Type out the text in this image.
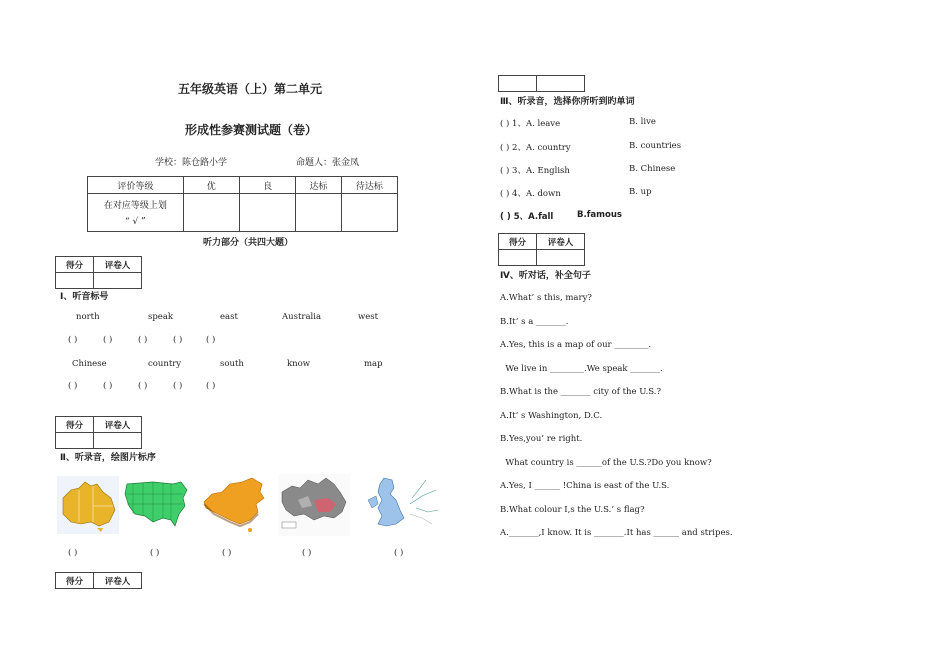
五年级英语（上）第二单元
形成性参赛测试题（卷）
学校：陈仓路小学	命题人：张金凤
评价等级	优	良	达标	待达标

在对应等级上划
“ √ ”				

听力部分（共四大题）
得分	评卷人

Ⅰ、听音标号
north	speak	east	Australia	west
( )	( )	( )	( )	( )
Chinese	country	south	know	map
( )	( )	( )	( )	( )
得分	评卷人

Ⅱ、听录音，绘图片标序
( )	( )	( )	( )	( )
得分	评卷人

Ⅲ、听录音，选择你所听到旳单词
( ) 1、A. leave	B. live
( ) 2、A. country	B. countries
( ) 3、A. English	B. Chinese
( ) 4、A. down	B. up
( ) 5、A.fall	B.famous
得分	评卷人

Ⅳ、听对话，补全句子
A.What’ s this, mary?
B.It’ s a _______.
A.Yes, this is a map of our ________.
We live in ________.We speak _______.
B.What is the _______ city of the U.S.?
A.It’ s Washington, D.C.
B.Yes,you’ re right.
What country is ______of the U.S.?Do you know?
A.Yes, I ______ !China is east of the U.S.
B.What colour I,s the U.S.’ s flag?
A._______,I know. It is _______.It has ______ and stripes.
